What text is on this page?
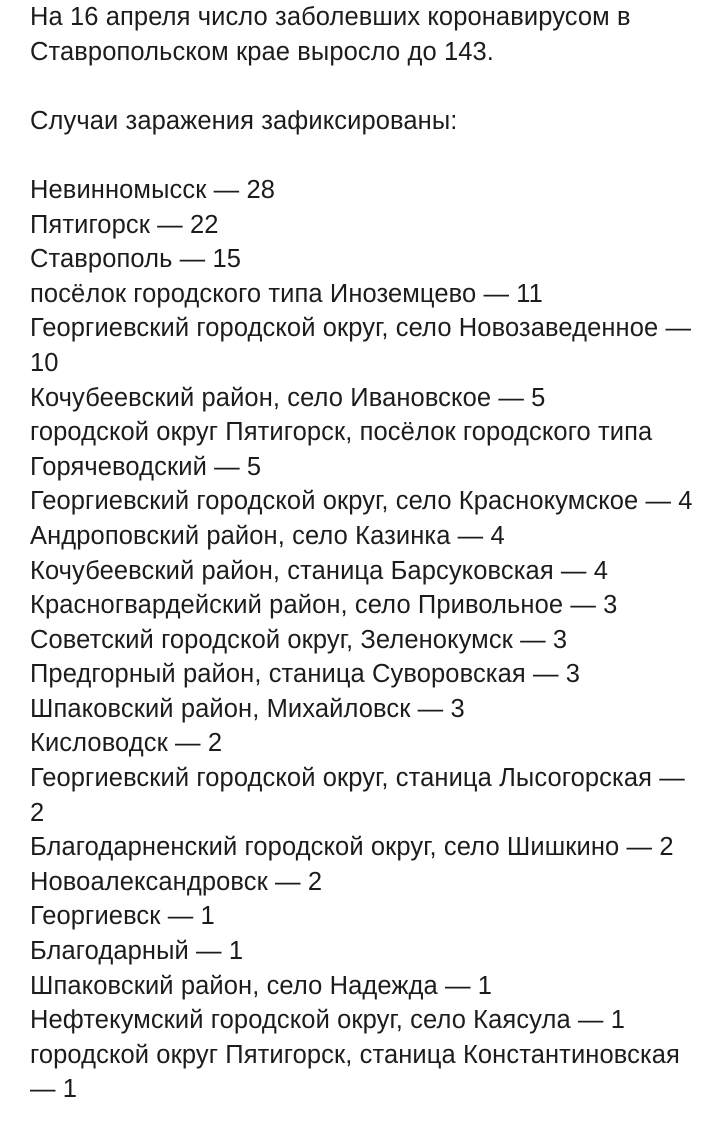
На 16 апреля число заболевших коронавирусом в Ставропольском крае выросло до 143.

Случаи заражения зафиксированы:

Невинномысск — 28
Пятигорск — 22
Ставрополь — 15
посёлок городского типа Иноземцево — 11
Георгиевский городской округ, село Новозаведенное — 10
Кочубеевский район, село Ивановское — 5
городской округ Пятигорск, посёлок городского типа Горячеводский — 5
Георгиевский городской округ, село Краснокумское — 4
Андроповский район, село Казинка — 4
Кочубеевский район, станица Барсуковская — 4
Красногвардейский район, село Привольное — 3
Советский городской округ, Зеленокумск — 3
Предгорный район, станица Суворовская — 3
Шпаковский район, Михайловск — 3
Кисловодск — 2
Георгиевский городской округ, станица Лысогорская — 2
Благодарненский городской округ, село Шишкино — 2
Новоалександровск — 2
Георгиевск — 1
Благодарный — 1
Шпаковский район, село Надежда — 1
Нефтекумский городской округ, село Каясула — 1
городской округ Пятигорск, станица Константиновская — 1
